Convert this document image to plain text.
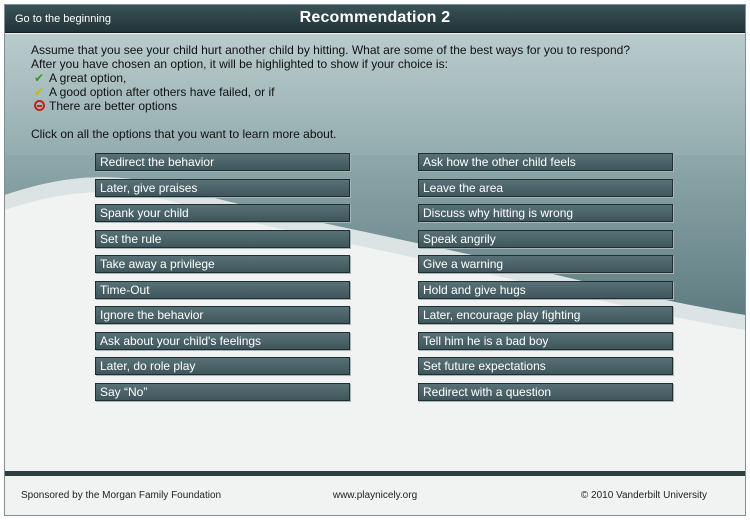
Go to the beginning	Recommendation 2
Assume that you see your child hurt another child by hitting. What are some of the best ways for you to respond?
After you have chosen an option, it will be highlighted to show if your choice is:
✔ A great option,
✔ A good option after others have failed, or if
There are better options
Click on all the options that you want to learn more about.
Redirect the behavior
Later, give praises
Spank your child
Set the rule
Take away a privilege
Time-Out
Ignore the behavior
Ask about your child's feelings
Later, do role play
Say “No”
Ask how the other child feels
Leave the area
Discuss why hitting is wrong
Speak angrily
Give a warning
Hold and give hugs
Later, encourage play fighting
Tell him he is a bad boy
Set future expectations
Redirect with a question
Sponsored by the Morgan Family Foundation	www.playnicely.org	© 2010 Vanderbilt University
